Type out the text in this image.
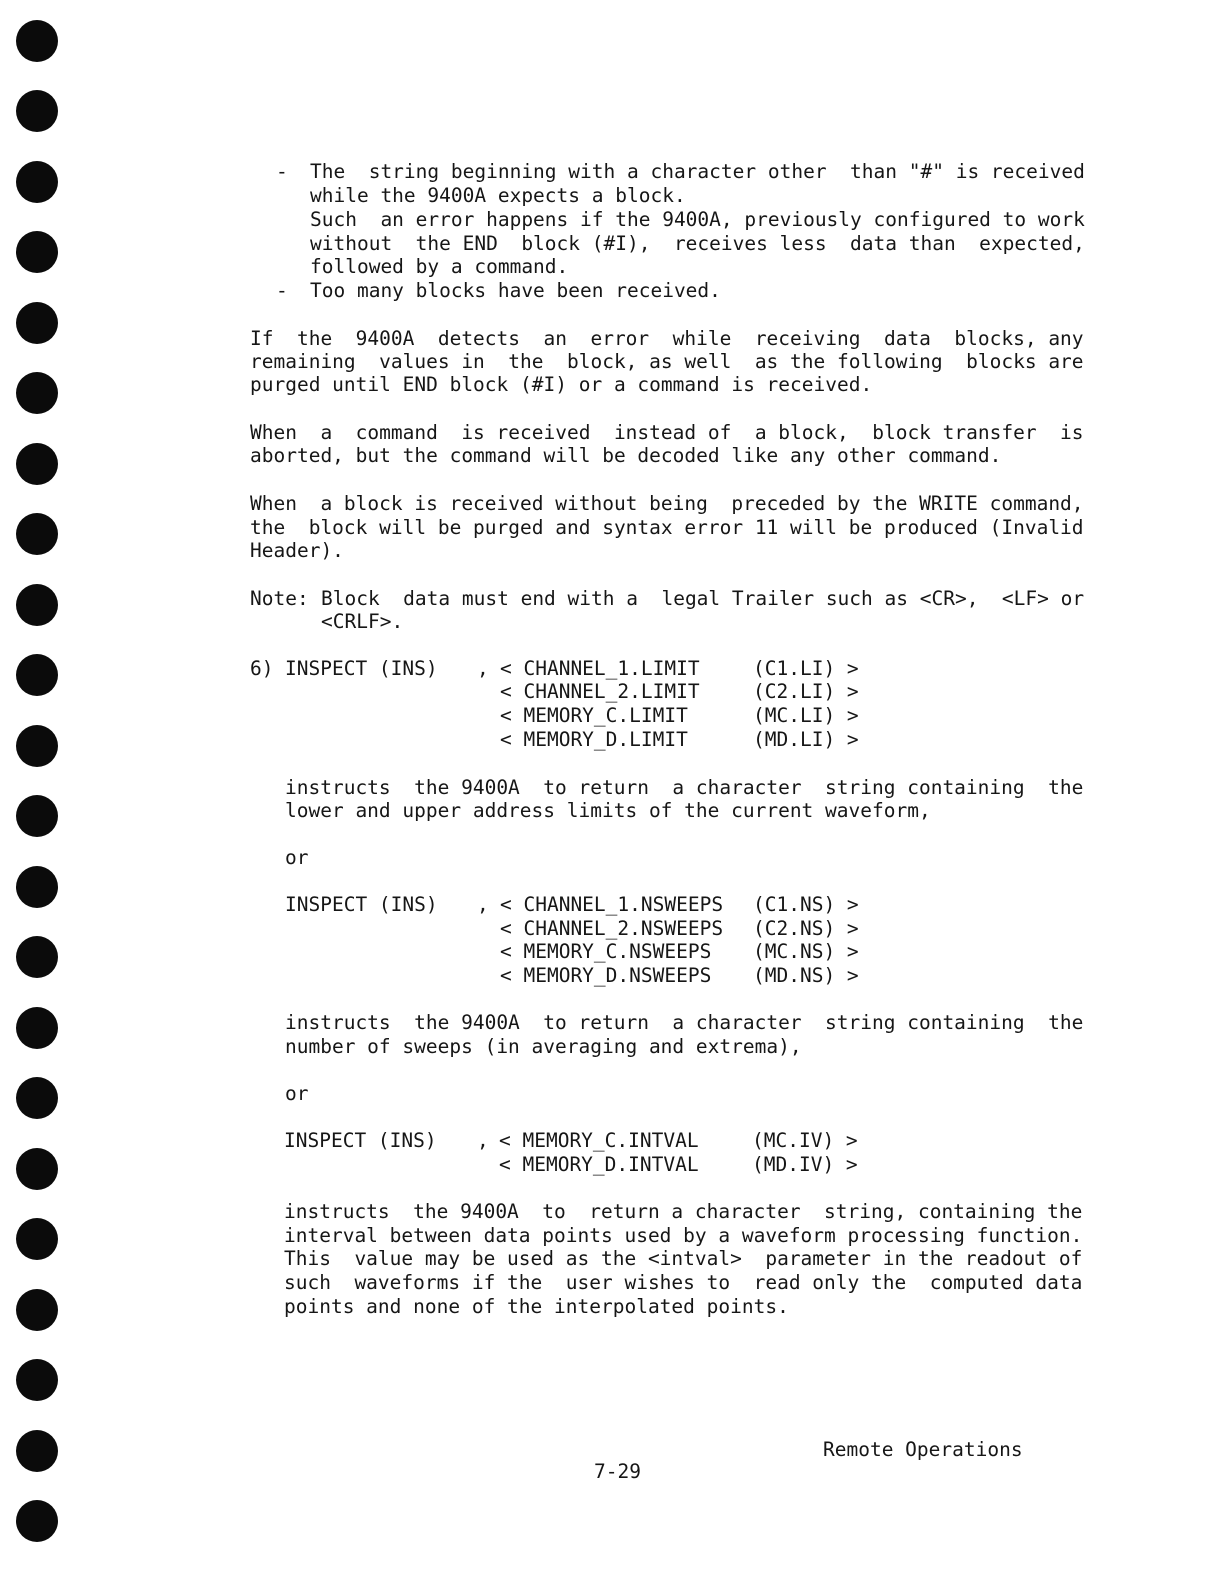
- The  string beginning with a character other  than "#" is received
while the 9400A expects a block.
Such  an error happens if the 9400A, previously configured to work
without  the END  block (#I),  receives less  data than  expected,
followed by a command.
- Too many blocks have been received.
If  the  9400A  detects  an  error  while  receiving  data  blocks, any
remaining  values in  the  block, as well  as the following  blocks are
purged until END block (#I) or a command is received.
When  a  command  is received  instead of  a block,  block transfer  is
aborted, but the command will be decoded like any other command.
When  a block is received without being  preceded by the WRITE command,
the  block will be purged and syntax error 11 will be produced (Invalid
Header).
Note: Block  data must end with a  legal Trailer such as <CR>,  <LF> or
<CRLF>.
6) INSPECT (INS) , < CHANNEL_1.LIMIT	(C1.LI) >
< CHANNEL_2.LIMIT	(C2.LI) >
< MEMORY_C.LIMIT	(MC.LI) >
< MEMORY_D.LIMIT	(MD.LI) >
instructs  the 9400A  to return  a character  string containing  the
lower and upper address limits of the current waveform,
or
INSPECT (INS) , < CHANNEL_1.NSWEEPS (C1.NS) >
< CHANNEL_2.NSWEEPS (C2.NS) >
< MEMORY_C.NSWEEPS (MC.NS) >
< MEMORY_D.NSWEEPS (MD.NS) >
instructs  the 9400A  to return  a character  string containing  the
number of sweeps (in averaging and extrema),
or
INSPECT (INS) , < MEMORY_C.INTVAL	(MC.IV) >
< MEMORY_D.INTVAL	(MD.IV) >
instructs  the 9400A  to  return a character  string, containing the
interval between data points used by a waveform processing function.
This  value may be used as the <intval>  parameter in the readout of
such  waveforms if the  user wishes to  read only the  computed data
points and none of the interpolated points.
Remote Operations
7-29
